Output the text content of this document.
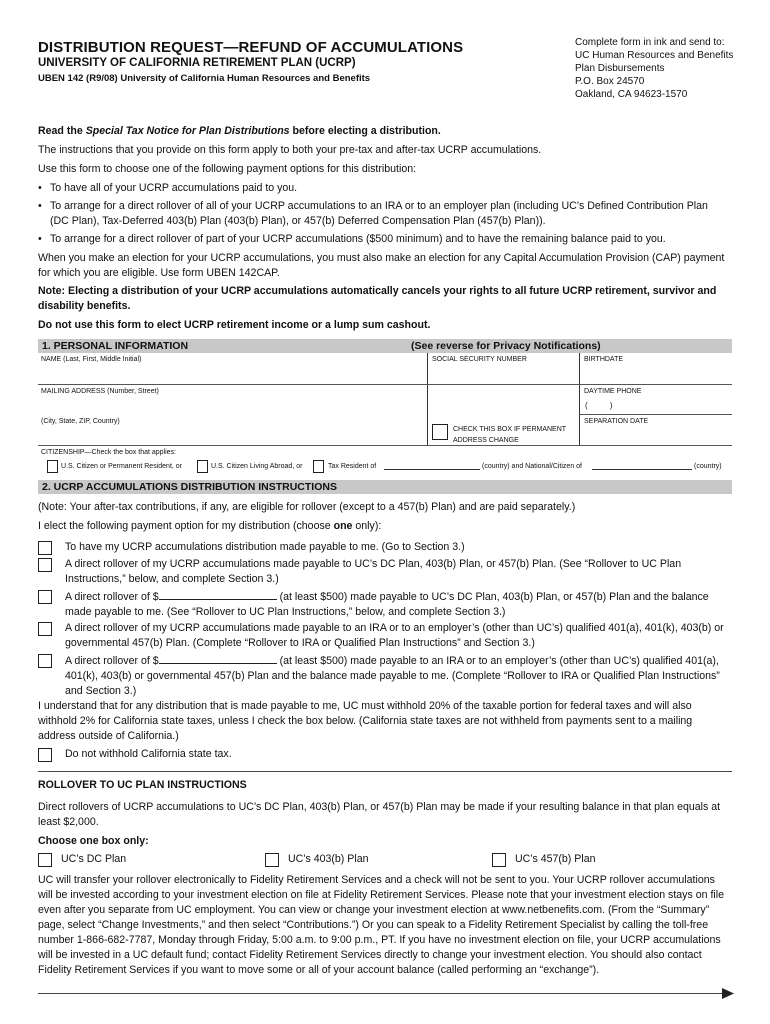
DISTRIBUTION REQUEST—REFUND OF ACCUMULATIONS
UNIVERSITY OF CALIFORNIA RETIREMENT PLAN (UCRP)
UBEN 142 (R9/08) University of California Human Resources and Benefits
Complete form in ink and send to:
UC Human Resources and Benefits
Plan Disbursements
P.O. Box 24570
Oakland, CA 94623-1570
Read the Special Tax Notice for Plan Distributions before electing a distribution.
The instructions that you provide on this form apply to both your pre-tax and after-tax UCRP accumulations.
Use this form to choose one of the following payment options for this distribution:
• To have all of your UCRP accumulations paid to you.
• To arrange for a direct rollover of all of your UCRP accumulations to an IRA or to an employer plan (including UC’s Defined Contribution Plan (DC Plan), Tax-Deferred 403(b) Plan (403(b) Plan), or 457(b) Deferred Compensation Plan (457(b) Plan)).
• To arrange for a direct rollover of part of your UCRP accumulations ($500 minimum) and to have the remaining balance paid to you.
When you make an election for your UCRP accumulations, you must also make an election for any Capital Accumulation Provision (CAP) payment for which you are eligible. Use form UBEN 142CAP.
Note: Electing a distribution of your UCRP accumulations automatically cancels your rights to all future UCRP retirement, survivor and disability benefits.
Do not use this form to elect UCRP retirement income or a lump sum cashout.
1. PERSONAL INFORMATION	(See reverse for Privacy Notifications)
NAME (Last, First, Middle Initial)	SOCIAL SECURITY NUMBER	BIRTHDATE
MAILING ADDRESS (Number, Street)	DAYTIME PHONE
(          )
(City, State, ZIP, Country)
CHECK THIS BOX IF PERMANENT
ADDRESS CHANGE
SEPARATION DATE
CITIZENSHIP—Check the box that applies:
U.S. Citizen or Permanent Resident, or	U.S. Citizen Living Abroad, or	Tax Resident of	(country) and National/Citizen of	(country)
2. UCRP ACCUMULATIONS DISTRIBUTION INSTRUCTIONS
(Note: Your after-tax contributions, if any, are eligible for rollover (except to a 457(b) Plan) and are paid separately.)
I elect the following payment option for my distribution (choose one only):
To have my UCRP accumulations distribution made payable to me. (Go to Section 3.)
A direct rollover of my UCRP accumulations made payable to UC’s DC Plan, 403(b) Plan, or 457(b) Plan. (See “Rollover to UC Plan Instructions,” below, and complete Section 3.)
A direct rollover of $	(at least $500) made payable to UC’s DC Plan, 403(b) Plan, or 457(b) Plan and the balance made payable to me. (See “Rollover to UC Plan Instructions,” below, and complete Section 3.)
A direct rollover of my UCRP accumulations made payable to an IRA or to an employer’s (other than UC’s) qualified 401(a), 401(k), 403(b) or governmental 457(b) Plan. (Complete “Rollover to IRA or Qualified Plan Instructions” and Section 3.)
A direct rollover of $	(at least $500) made payable to an IRA or to an employer’s (other than UC’s) qualified 401(a), 401(k), 403(b) or governmental 457(b) Plan and the balance made payable to me. (Complete “Rollover to IRA or Qualified Plan Instructions” and Section 3.)
I understand that for any distribution that is made payable to me, UC must withhold 20% of the taxable portion for federal taxes and will also withhold 2% for California state taxes, unless I check the box below. (California state taxes are not withheld from payments sent to a mailing address outside of California.)
Do not withhold California state tax.
ROLLOVER TO UC PLAN INSTRUCTIONS
Direct rollovers of UCRP accumulations to UC’s DC Plan, 403(b) Plan, or 457(b) Plan may be made if your resulting balance in that plan equals at least $2,000.
Choose one box only:
UC’s DC Plan	UC’s 403(b) Plan	UC’s 457(b) Plan
UC will transfer your rollover electronically to Fidelity Retirement Services and a check will not be sent to you. Your UCRP rollover accumulations will be invested according to your investment election on file at Fidelity Retirement Services. Please note that your investment election stays on file even after you separate from UC employment. You can view or change your investment election at www.netbenefits.com. (From the “Summary” page, select “Change Investments,” and then select “Contributions.”) Or you can speak to a Fidelity Retirement Specialist by calling the toll-free number 1-866-682-7787, Monday through Friday, 5:00 a.m. to 9:00 p.m., PT. If you have no investment election on file, your UCRP accumulations will be invested in a UC default fund; contact Fidelity Retirement Services directly to change your investment election. You should also contact Fidelity Retirement Services if you want to move some or all of your account balance (called performing an “exchange”).
